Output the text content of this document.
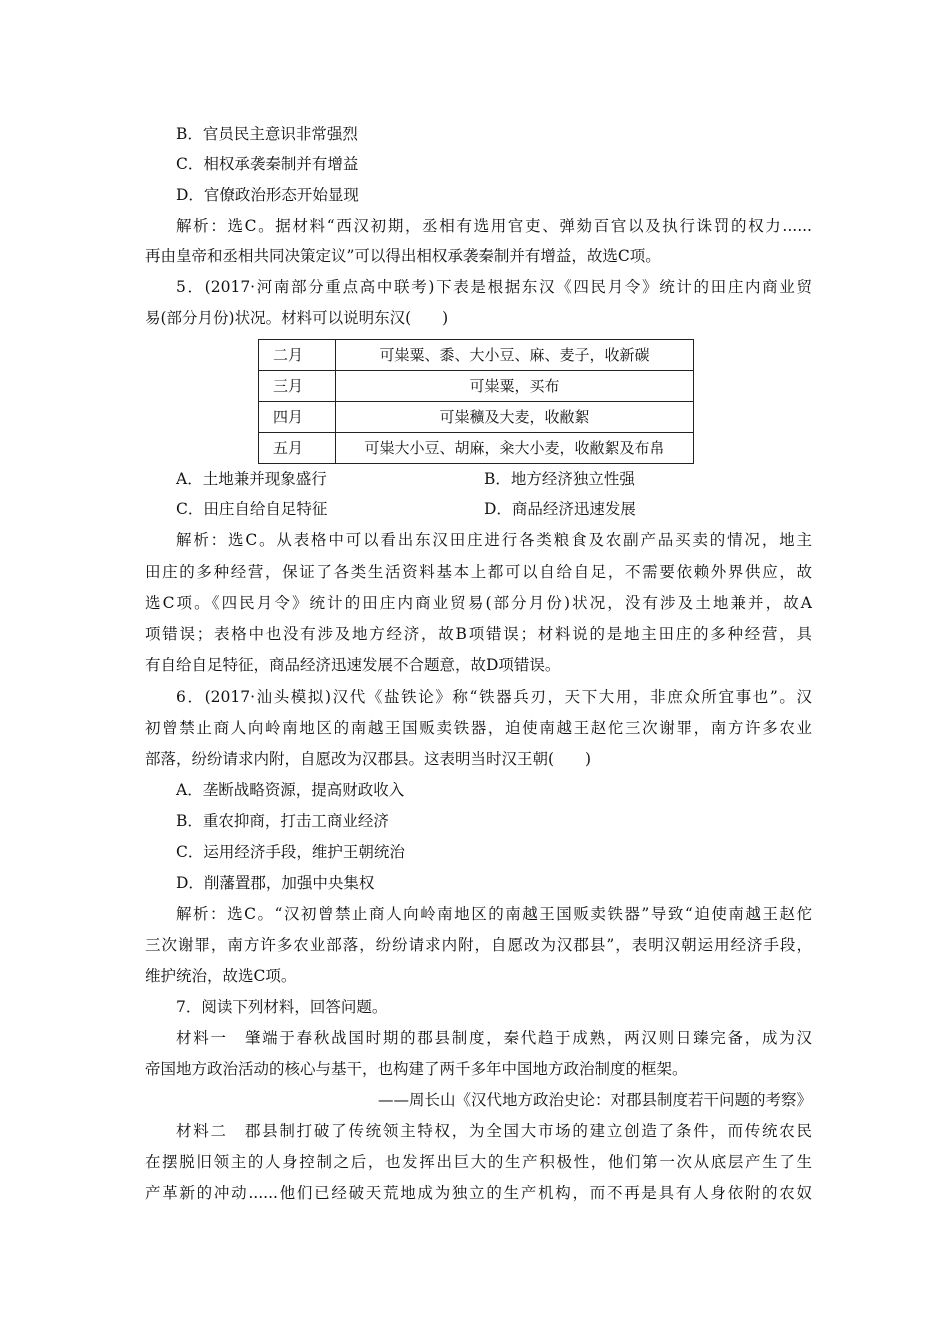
B．官员民主意识非常强烈
C．相权承袭秦制并有增益
D．官僚政治形态开始显现
解析：选C。据材料“西汉初期，丞相有选用官吏、弹劾百官以及执行诛罚的权力......
再由皇帝和丞相共同决策定议”可以得出相权承袭秦制并有增益，故选C项。
5．(2017·河南部分重点高中联考)下表是根据东汉《四民月令》统计的田庄内商业贸
易(部分月份)状况。材料可以说明东汉(　　)
二月	可粜粟、黍、大小豆、麻、麦子，收新碳
三月	可粜粟，买布
四月	可粜穬及大麦，收敝絮
五月	可粜大小豆、胡麻，籴大小麦，收敝絮及布帛
A．土地兼并现象盛行	B．地方经济独立性强
C．田庄自给自足特征	D．商品经济迅速发展
解析：选C。从表格中可以看出东汉田庄进行各类粮食及农副产品买卖的情况，地主
田庄的多种经营，保证了各类生活资料基本上都可以自给自足，不需要依赖外界供应，故
选C项。《四民月令》统计的田庄内商业贸易(部分月份)状况，没有涉及土地兼并，故A
项错误；表格中也没有涉及地方经济，故B项错误；材料说的是地主田庄的多种经营，具
有自给自足特征，商品经济迅速发展不合题意，故D项错误。
6．(2017·汕头模拟)汉代《盐铁论》称“铁器兵刃，天下大用，非庶众所宜事也”。汉
初曾禁止商人向岭南地区的南越王国贩卖铁器，迫使南越王赵佗三次谢罪，南方许多农业
部落，纷纷请求内附，自愿改为汉郡县。这表明当时汉王朝(　　)
A．垄断战略资源，提高财政收入
B．重农抑商，打击工商业经济
C．运用经济手段，维护王朝统治
D．削藩置郡，加强中央集权
解析：选C。“汉初曾禁止商人向岭南地区的南越王国贩卖铁器”导致“迫使南越王赵佗
三次谢罪，南方许多农业部落，纷纷请求内附，自愿改为汉郡县”，表明汉朝运用经济手段，
维护统治，故选C项。
7．阅读下列材料，回答问题。
材料一　肇端于春秋战国时期的郡县制度，秦代趋于成熟，两汉则日臻完备，成为汉
帝国地方政治活动的核心与基干，也构建了两千多年中国地方政治制度的框架。
——周长山《汉代地方政治史论：对郡县制度若干问题的考察》
材料二　郡县制打破了传统领主特权，为全国大市场的建立创造了条件，而传统农民
在摆脱旧领主的人身控制之后，也发挥出巨大的生产积极性，他们第一次从底层产生了生
产革新的冲动......他们已经破天荒地成为独立的生产机构，而不再是具有人身依附的农奴
